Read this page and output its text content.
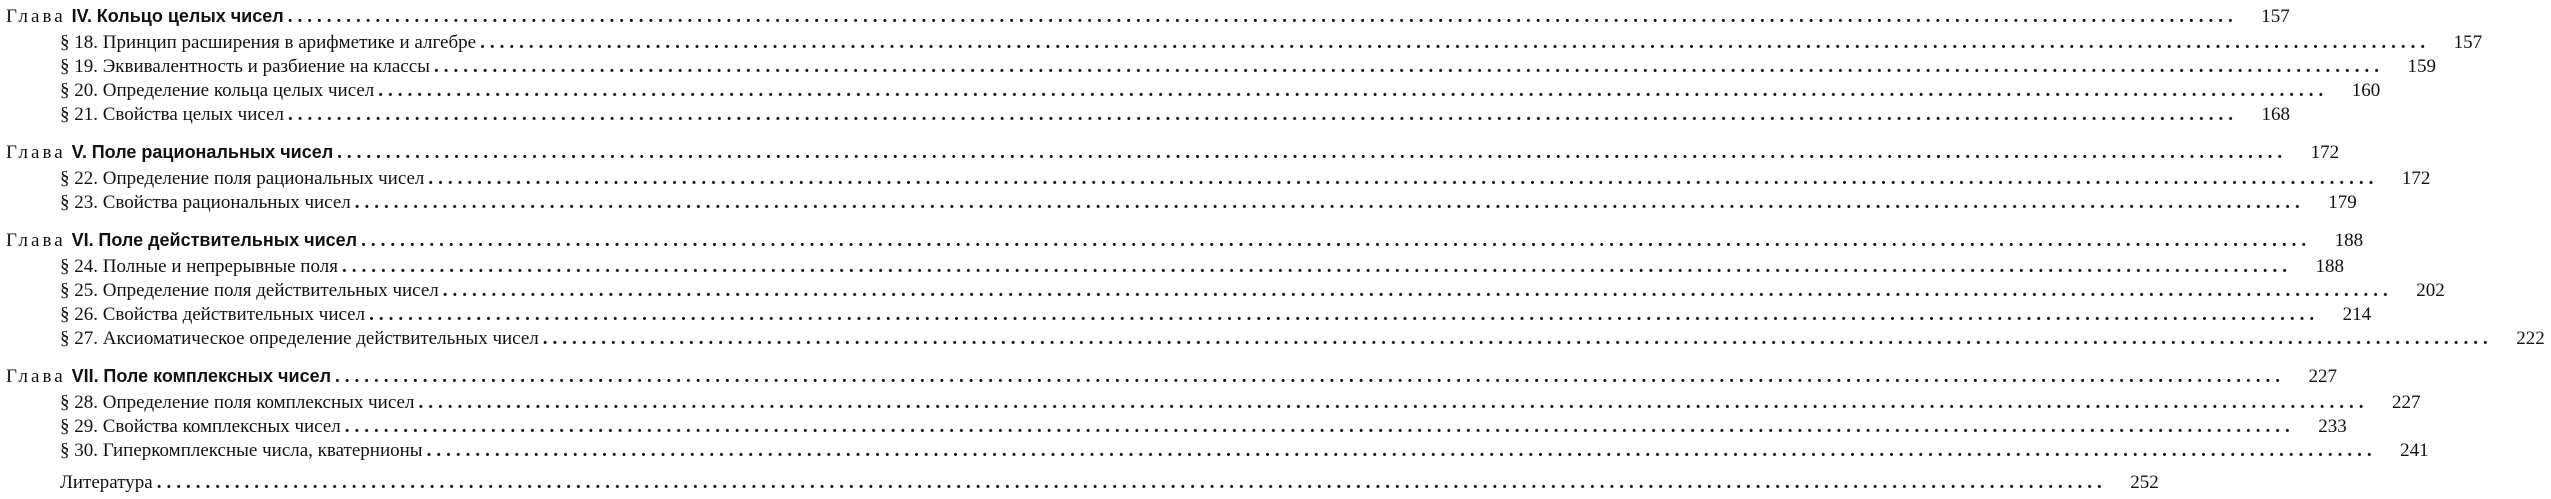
Глава IV. Кольцо целых чисел ........................................................................................................................................................................................................	157
§ 18. Принцип расширения в арифметике и алгебре ........................................................................................................................................................................................................	157
§ 19. Эквивалентность и разбиение на классы ........................................................................................................................................................................................................	159
§ 20. Определение кольца целых чисел ........................................................................................................................................................................................................	160
§ 21. Свойства целых чисел ........................................................................................................................................................................................................	168
Глава V. Поле рациональных чисел ........................................................................................................................................................................................................	172
§ 22. Определение поля рациональных чисел ........................................................................................................................................................................................................	172
§ 23. Свойства рациональных чисел ........................................................................................................................................................................................................	179
Глава VI. Поле действительных чисел ........................................................................................................................................................................................................	188
§ 24. Полные и непрерывные поля ........................................................................................................................................................................................................	188
§ 25. Определение поля действительных чисел ........................................................................................................................................................................................................	202
§ 26. Свойства действительных чисел ........................................................................................................................................................................................................	214
§ 27. Аксиоматическое определение действительных чисел ........................................................................................................................................................................................................	222
Глава VII. Поле комплексных чисел ........................................................................................................................................................................................................	227
§ 28. Определение поля комплексных чисел ........................................................................................................................................................................................................	227
§ 29. Свойства комплексных чисел ........................................................................................................................................................................................................	233
§ 30. Гиперкомплексные числа, кватернионы ........................................................................................................................................................................................................	241
Литература ........................................................................................................................................................................................................	252
